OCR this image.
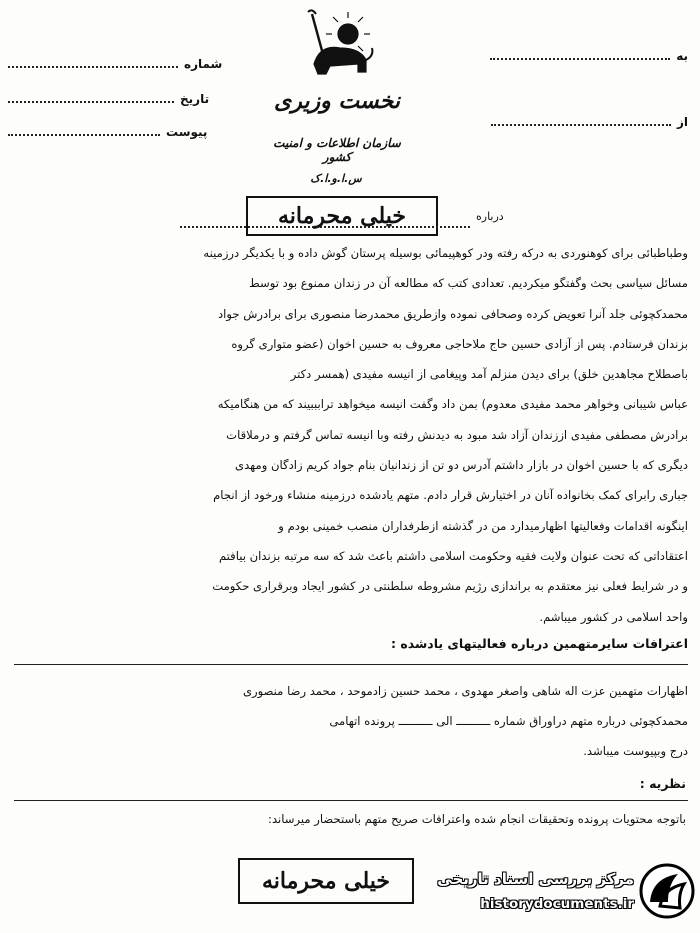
شماره
تاریخ
پیوست
به
از
نخست وزیری
سازمان اطلاعات و امنیت کشور
س.ا.و.ا.ک
خیلی محرمانه	درباره
وطباطبائی برای کوهنوردی به درکه رفته ودر کوهپیمائی بوسیله پرستان گوش داده و با یکدیگر درزمینه
مسائل سیاسی بحث وگفتگو میکردیم. تعدادی کتب که مطالعه آن در زندان ممنوع بود توسط
محمدکچوئی جلد آنرا تعویض کرده وصحافی نموده وازطریق محمدرضا منصوری برای برادرش جواد
بزندان فرستادم. پس از آزادی حسین حاج ملاحاجی معروف به حسین اخوان (عضو متواری گروه
باصطلاح مجاهدین خلق) برای دیدن منزلم آمد وپیغامی از انیسه مفیدی (همسر دکتر
عباس شیبانی وخواهر محمد مفیدی معدوم) بمن داد وگفت انیسه میخواهد ترابببیند که من هنگامیکه
برادرش مصطفی مفیدی اززندان آزاد شد مبود به دیدنش رفته وبا انیسه تماس گرفتم و درملاقات
دیگری که با حسین اخوان در بازار داشتم آدرس دو تن از زندانیان بنام جواد کریم زادگان ومهدی
جباری رابرای کمک بخانواده آنان در اختیارش قرار دادم. متهم یادشده درزمینه منشاء ورخود از انجام
اینگونه اقدامات وفعالیتها اظهارمیدارد من در گذشته ازطرفداران منصب خمینی بودم و
اعتقاداتی که تحت عنوان ولایت فقیه وحکومت اسلامی داشتم باعث شد که سه مرتبه بزندان بیافتم
و در شرایط فعلی نیز معتقدم به براندازی رژیم مشروطه سلطنتی در کشور ایجاد وبرقراری حکومت
واحد اسلامی در کشور میباشم.
اعترافات سایرمتهمین درباره فعالیتهای یادشده :
اظهارات متهمین عزت اله شاهی واصغر مهدوی ، محمد حسین زادموحد ، محمد رضا منصوری
محمدکچوئی درباره متهم دراوراق شماره ــــــــــ الی ــــــــــ پرونده اتهامی
درج وبپیوست میباشد.
نظریه :
باتوجه محتویات پرونده وتحقیقات انجام شده واعترافات صریح متهم باستحضار میرساند:
خیلی محرمانه	مرکز بررسی اسناد تاریخی
historydocuments.ir
